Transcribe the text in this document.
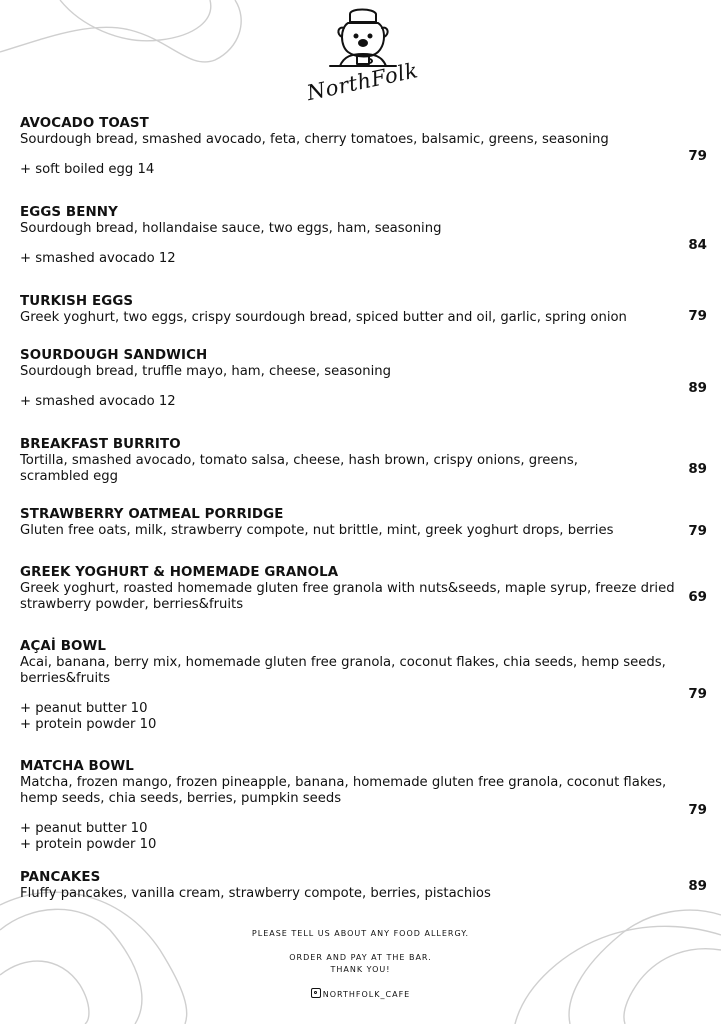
NorthFolk
AVOCADO TOAST
Sourdough bread, smashed avocado, feta, cherry tomatoes, balsamic, greens, seasoning
+ soft boiled egg 14
79
EGGS BENNY
Sourdough bread, hollandaise sauce, two eggs, ham, seasoning
+ smashed avocado 12
84
TURKISH EGGS
Greek yoghurt, two eggs, crispy sourdough bread, spiced butter and oil, garlic, spring onion	79
SOURDOUGH SANDWICH
Sourdough bread, truffle mayo, ham, cheese, seasoning
+ smashed avocado 12
89
BREAKFAST BURRITO
Tortilla, smashed avocado, tomato salsa, cheese, hash brown, crispy onions, greens, scrambled egg	89
STRAWBERRY OATMEAL PORRIDGE
Gluten free oats, milk, strawberry compote, nut brittle, mint, greek yoghurt drops, berries	79
GREEK YOGHURT & HOMEMADE GRANOLA
Greek yoghurt, roasted homemade gluten free granola with nuts&seeds, maple syrup, freeze dried strawberry powder, berries&fruits	69
AÇAİ BOWL
Acai, banana, berry mix, homemade gluten free granola, coconut flakes, chia seeds, hemp seeds, berries&fruits
+ peanut butter 10
+ protein powder 10
79
MATCHA BOWL
Matcha, frozen mango, frozen pineapple, banana, homemade gluten free granola, coconut flakes, hemp seeds, chia seeds, berries, pumpkin seeds
+ peanut butter 10
+ protein powder 10
79
PANCAKES
Fluffy pancakes, vanilla cream, strawberry compote, berries, pistachios	89
PLEASE TELL US ABOUT ANY FOOD ALLERGY.
ORDER AND PAY AT THE BAR.
THANK YOU!
NORTHFOLK_CAFE
